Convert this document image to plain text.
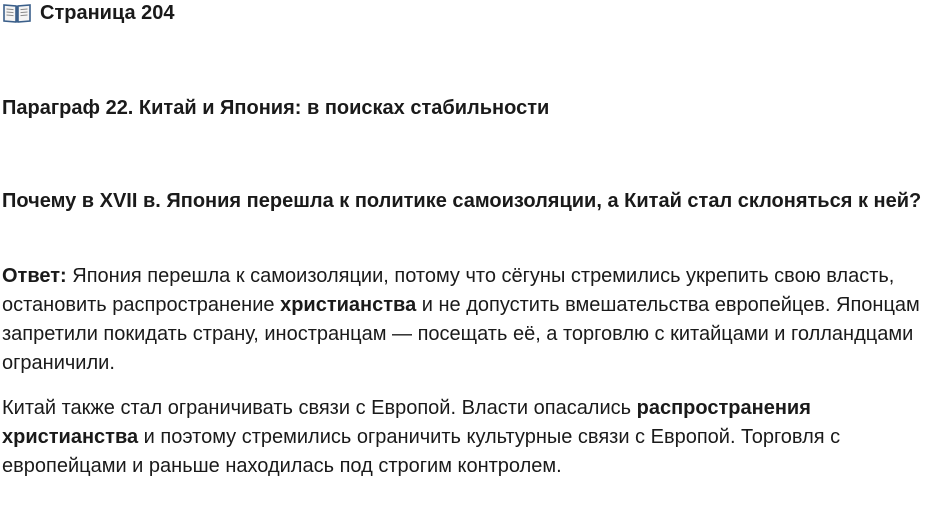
Страница 204
Параграф 22. Китай и Япония: в поисках стабильности
Почему в XVII в. Япония перешла к политике самоизоляции, а Китай стал склоняться к ней?

Ответ: Япония перешла к самоизоляции, потому что сёгуны стремились укрепить свою власть, остановить распространение христианства и не допустить вмешательства европейцев. Японцам запретили покидать страну, иностранцам — посещать её, а торговлю с китайцами и голландцами ограничили.

Китай также стал ограничивать связи с Европой. Власти опасались распространения христианства и поэтому стремились ограничить культурные связи с Европой. Торговля с европейцами и раньше находилась под строгим контролем.
